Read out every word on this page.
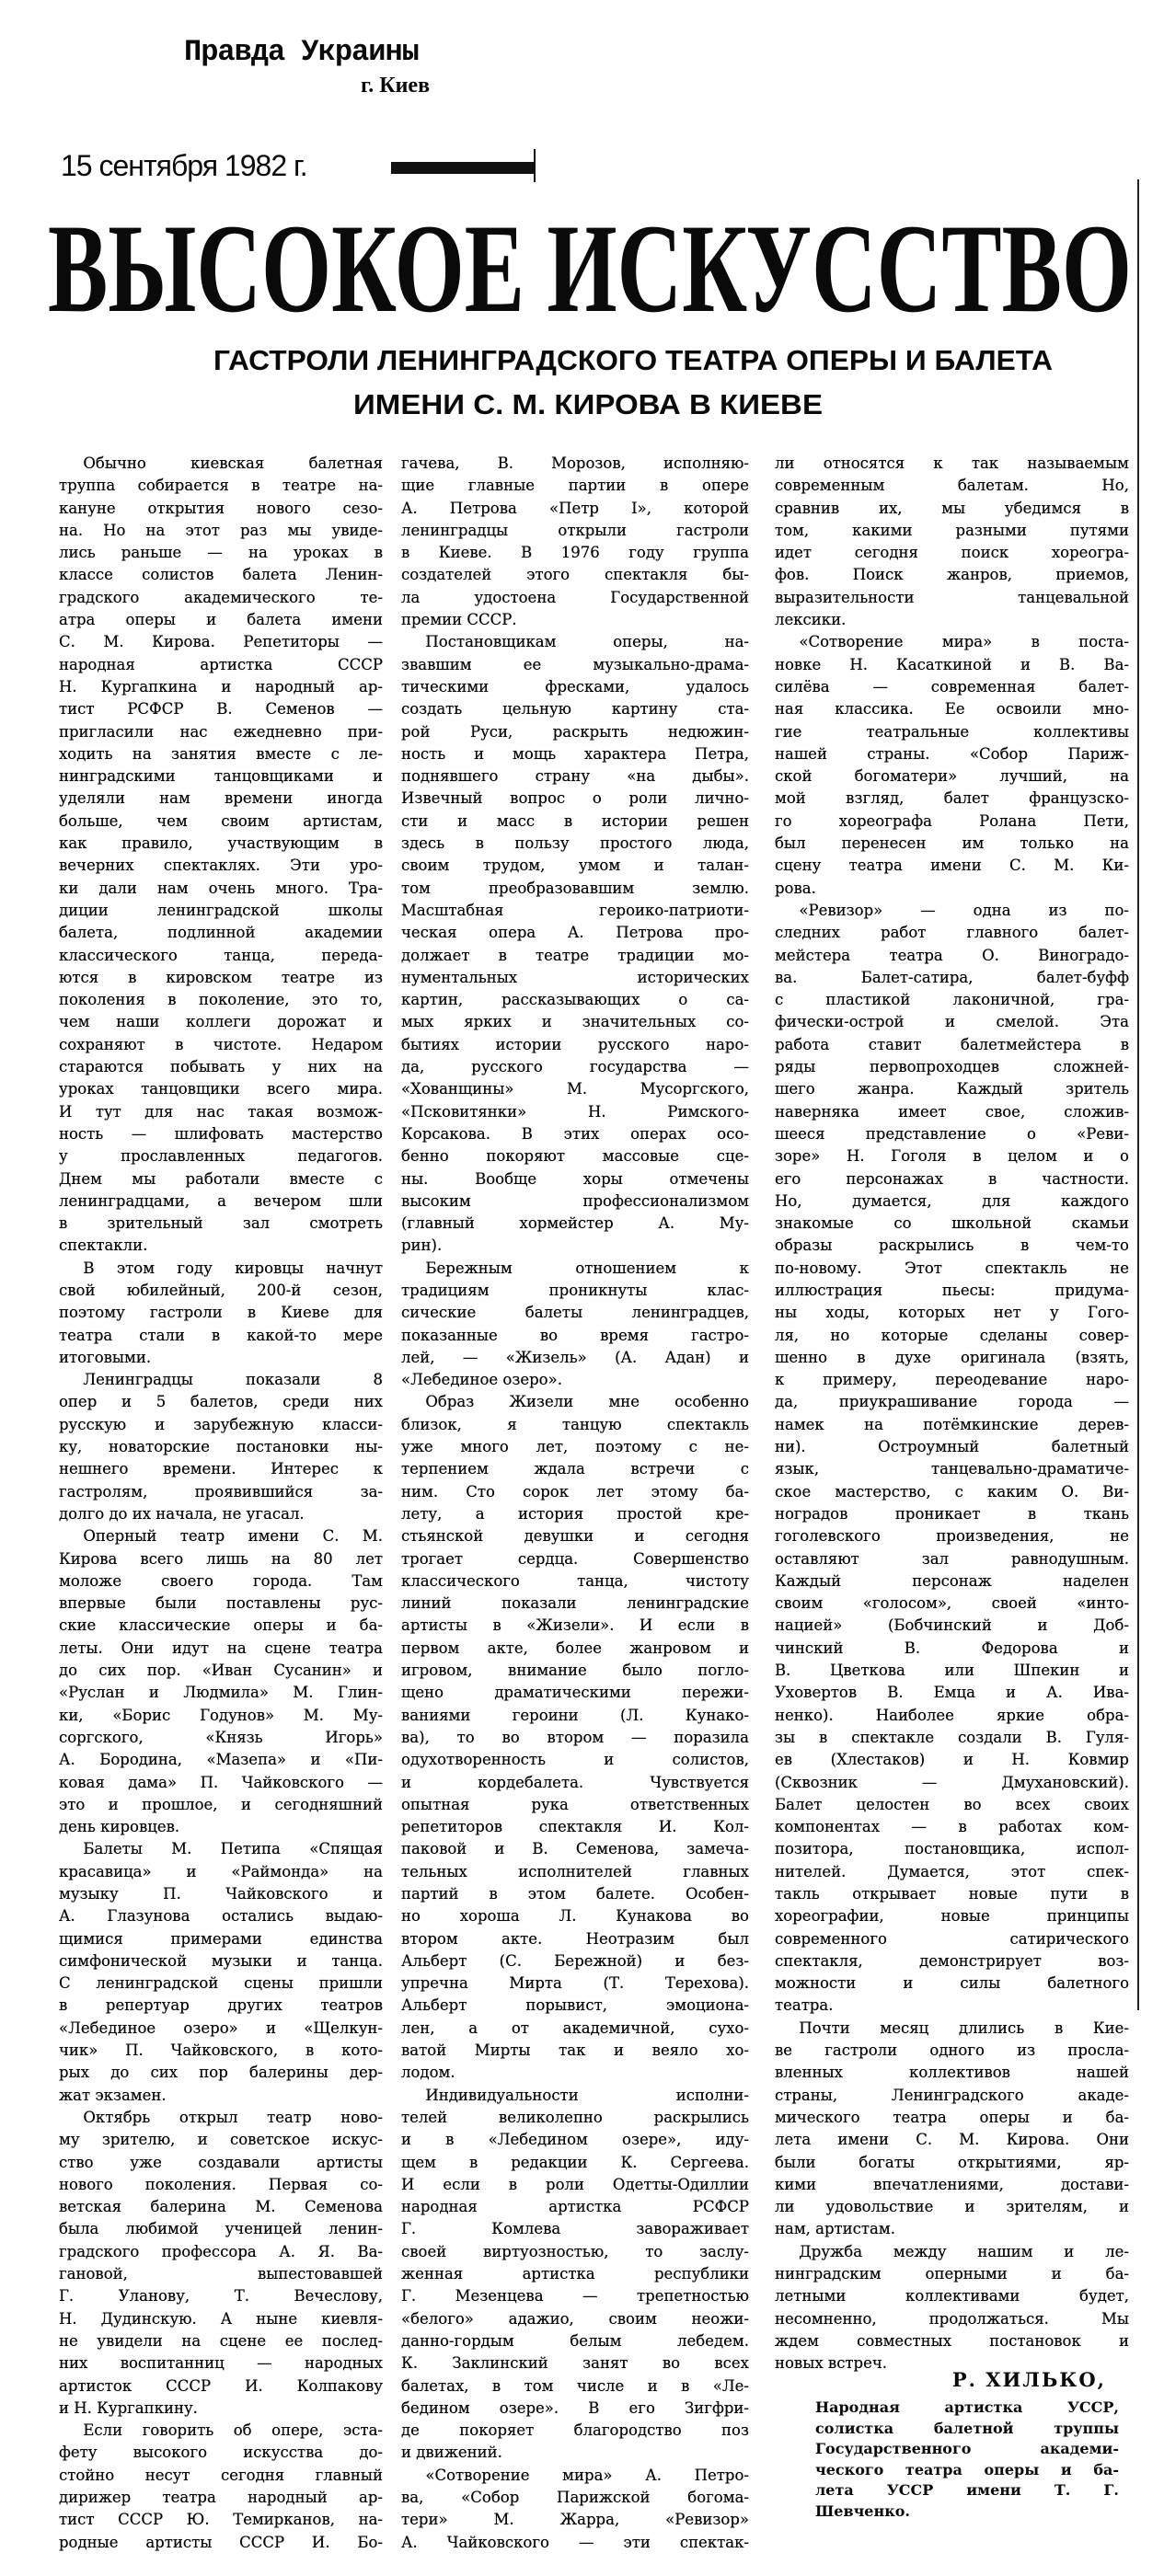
Правда Украины
г. Киев
15 сентября 1982 г.
ВЫСОКОЕ ИСКУССТВО
ГАСТРОЛИ ЛЕНИНГРАДСКОГО ТЕАТРА ОПЕРЫ И БАЛЕТА
ИМЕНИ С. М. КИРОВА В КИЕВЕ
Обычно киевская балетная
труппа собирается в театре на-
кануне открытия нового сезо-
на. Но на этот раз мы увиде-
лись раньше — на уроках в
классе солистов балета Ленин-
градского академического те-
атра оперы и балета имени
С. М. Кирова. Репетиторы —
народная артистка СССР
Н. Кургапкина и народный ар-
тист РСФСР В. Семенов —
пригласили нас ежедневно при-
ходить на занятия вместе с ле-
нинградскими танцовщиками и
уделяли нам времени иногда
больше, чем своим артистам,
как правило, участвующим в
вечерних спектаклях. Эти уро-
ки дали нам очень много. Тра-
диции ленинградской школы
балета, подлинной академии
классического танца, переда-
ются в кировском театре из
поколения в поколение, это то,
чем наши коллеги дорожат и
сохраняют в чистоте. Недаром
стараются побывать у них на
уроках танцовщики всего мира.
И тут для нас такая возмож-
ность — шлифовать мастерство
у прославленных педагогов.
Днем мы работали вместе с
ленинградцами, а вечером шли
в зрительный зал смотреть
спектакли.
В этом году кировцы начнут
свой юбилейный, 200-й сезон,
поэтому гастроли в Киеве для
театра стали в какой-то мере
итоговыми.
Ленинградцы показали 8
опер и 5 балетов, среди них
русскую и зарубежную класси-
ку, новаторские постановки ны-
нешнего времени. Интерес к
гастролям, проявившийся за-
долго до их начала, не угасал.
Оперный театр имени С. М.
Кирова всего лишь на 80 лет
моложе своего города. Там
впервые были поставлены рус-
ские классические оперы и ба-
леты. Они идут на сцене театра
до сих пор. «Иван Сусанин» и
«Руслан и Людмила» М. Глин-
ки, «Борис Годунов» М. Му-
соргского, «Князь Игорь»
А. Бородина, «Мазепа» и «Пи-
ковая дама» П. Чайковского —
это и прошлое, и сегодняшний
день кировцев.
Балеты М. Петипа «Спящая
красавица» и «Раймонда» на
музыку П. Чайковского и
А. Глазунова остались выдаю-
щимися примерами единства
симфонической музыки и танца.
С ленинградской сцены пришли
в репертуар других театров
«Лебединое озеро» и «Щелкун-
чик» П. Чайковского, в кото-
рых до сих пор балерины дер-
жат экзамен.
Октябрь открыл театр ново-
му зрителю, и советское искус-
ство уже создавали артисты
нового поколения. Первая со-
ветская балерина М. Семенова
была любимой ученицей ленин-
градского профессора А. Я. Ва-
гановой, выпестовавшей
Г. Уланову, Т. Вечеслову,
Н. Дудинскую. А ныне киевля-
не увидели на сцене ее послед-
них воспитанниц — народных
артисток СССР И. Колпакову
и Н. Кургапкину.
Если говорить об опере, эста-
фету высокого искусства до-
стойно несут сегодня главный
дирижер театра народный ар-
тист СССР Ю. Темирканов, на-
родные артисты СССР И. Бо-
гачева, В. Морозов, исполняю-
щие главные партии в опере
А. Петрова «Петр I», которой
ленинградцы открыли гастроли
в Киеве. В 1976 году группа
создателей этого спектакля бы-
ла удостоена Государственной
премии СССР.
Постановщикам оперы, на-
звавшим ее музыкально-драма-
тическими фресками, удалось
создать цельную картину ста-
рой Руси, раскрыть недюжин-
ность и мощь характера Петра,
поднявшего страну «на дыбы».
Извечный вопрос о роли лично-
сти и масс в истории решен
здесь в пользу простого люда,
своим трудом, умом и талан-
том преобразовавшим землю.
Масштабная героико-патриоти-
ческая опера А. Петрова про-
должает в театре традиции мо-
нументальных исторических
картин, рассказывающих о са-
мых ярких и значительных со-
бытиях истории русского наро-
да, русского государства —
«Хованщины» М. Мусоргского,
«Псковитянки» Н. Римского-
Корсакова. В этих операх осо-
бенно покоряют массовые сце-
ны. Вообще хоры отмечены
высоким профессионализмом
(главный хормейстер А. Му-
рин).
Бережным отношением к
традициям проникнуты клас-
сические балеты ленинградцев,
показанные во время гастро-
лей, — «Жизель» (А. Адан) и
«Лебединое озеро».
Образ Жизели мне особенно
близок, я танцую спектакль
уже много лет, поэтому с не-
терпением ждала встречи с
ним. Сто сорок лет этому ба-
лету, а история простой кре-
стьянской девушки и сегодня
трогает сердца. Совершенство
классического танца, чистоту
линий показали ленинградские
артисты в «Жизели». И если в
первом акте, более жанровом и
игровом, внимание было погло-
щено драматическими пережи-
ваниями героини (Л. Кунако-
ва), то во втором — поразила
одухотворенность и солистов,
и кордебалета. Чувствуется
опытная рука ответственных
репетиторов спектакля И. Кол-
паковой и В. Семенова, замеча-
тельных исполнителей главных
партий в этом балете. Особен-
но хороша Л. Кунакова во
втором акте. Неотразим был
Альберт (С. Бережной) и без-
упречна Мирта (Т. Терехова).
Альберт порывист, эмоциона-
лен, а от академичной, сухо-
ватой Мирты так и веяло хо-
лодом.
Индивидуальности исполни-
телей великолепно раскрылись
и в «Лебедином озере», иду-
щем в редакции К. Сергеева.
И если в роли Одетты-Одиллии
народная артистка РСФСР
Г. Комлева завораживает
своей виртуозностью, то заслу-
женная артистка республики
Г. Мезенцева — трепетностью
«белого» адажио, своим неожи-
данно-гордым белым лебедем.
К. Заклинский занят во всех
балетах, в том числе и в «Ле-
бедином озере». В его Зигфри-
де покоряет благородство поз
и движений.
«Сотворение мира» А. Петро-
ва, «Собор Парижской богома-
тери» М. Жарра, «Ревизор»
А. Чайковского — эти спектак-
ли относятся к так называемым
современным балетам. Но,
сравнив их, мы убедимся в
том, какими разными путями
идет сегодня поиск хореогра-
фов. Поиск жанров, приемов,
выразительности танцевальной
лексики.
«Сотворение мира» в поста-
новке Н. Касаткиной и В. Ва-
силёва — современная балет-
ная классика. Ее освоили мно-
гие театральные коллективы
нашей страны. «Собор Париж-
ской богоматери» лучший, на
мой взгляд, балет французско-
го хореографа Ролана Пети,
был перенесен им только на
сцену театра имени С. М. Ки-
рова.
«Ревизор» — одна из по-
следних работ главного балет-
мейстера театра О. Виноградо-
ва. Балет-сатира, балет-буфф
с пластикой лаконичной, гра-
фически-острой и смелой. Эта
работа ставит балетмейстера в
ряды первопроходцев сложней-
шего жанра. Каждый зритель
наверняка имеет свое, сложив-
шееся представление о «Реви-
зоре» Н. Гоголя в целом и о
его персонажах в частности.
Но, думается, для каждого
знакомые со школьной скамьи
образы раскрылись в чем-то
по-новому. Этот спектакль не
иллюстрация пьесы: придума-
ны ходы, которых нет у Гого-
ля, но которые сделаны совер-
шенно в духе оригинала (взять,
к примеру, переодевание наро-
да, приукрашивание города —
намек на потёмкинские дерев-
ни). Остроумный балетный
язык, танцевально-драматиче-
ское мастерство, с каким О. Ви-
ноградов проникает в ткань
гоголевского произведения, не
оставляют зал равнодушным.
Каждый персонаж наделен
своим «голосом», своей «инто-
нацией» (Бобчинский и Доб-
чинский В. Федорова и
В. Цветкова или Шпекин и
Уховертов В. Емца и А. Ива-
ненко). Наиболее яркие обра-
зы в спектакле создали В. Гуля-
ев (Хлестаков) и Н. Ковмир
(Сквозник — Дмухановский).
Балет целостен во всех своих
компонентах — в работах ком-
позитора, постановщика, испол-
нителей. Думается, этот спек-
такль открывает новые пути в
хореографии, новые принципы
современного сатирического
спектакля, демонстрирует воз-
можности и силы балетного
театра.
Почти месяц длились в Кие-
ве гастроли одного из просла-
вленных коллективов нашей
страны, Ленинградского акаде-
мического театра оперы и ба-
лета имени С. М. Кирова. Они
были богаты открытиями, яр-
кими впечатлениями, достави-
ли удовольствие и зрителям, и
нам, артистам.
Дружба между нашим и ле-
нинградским оперными и ба-
летными коллективами будет,
несомненно, продолжаться. Мы
ждем совместных постановок и
новых встреч.
Р. ХИЛЬКО,
Народная артистка УССР,
солистка балетной труппы
Государственного академи-
ческого театра оперы и ба-
лета УССР имени Т. Г.
Шевченко.
